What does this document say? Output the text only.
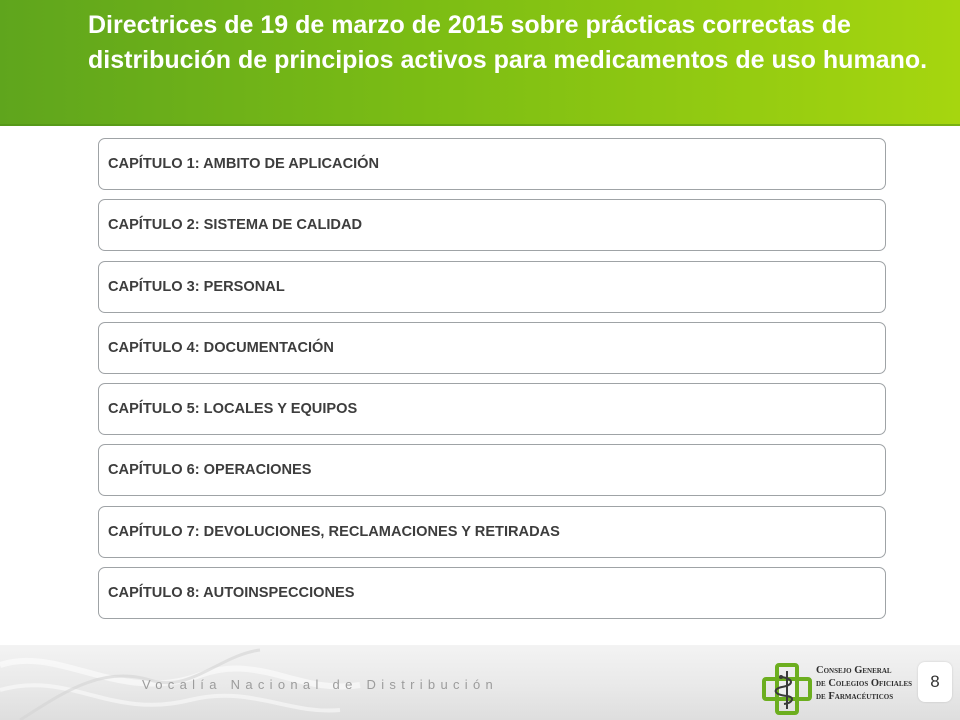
Directrices de 19 de marzo de 2015 sobre prácticas correctas de distribución de principios activos para medicamentos de uso humano.
CAPÍTULO 1: AMBITO DE APLICACIÓN
CAPÍTULO 2: SISTEMA DE CALIDAD
CAPÍTULO 3: PERSONAL
CAPÍTULO 4: DOCUMENTACIÓN
CAPÍTULO 5: LOCALES Y EQUIPOS
CAPÍTULO 6: OPERACIONES
CAPÍTULO 7: DEVOLUCIONES, RECLAMACIONES Y RETIRADAS
CAPÍTULO 8: AUTOINSPECCIONES
Vocalía Nacional de Distribución
Consejo General
de Colegios Oficiales
de Farmacéuticos
8
